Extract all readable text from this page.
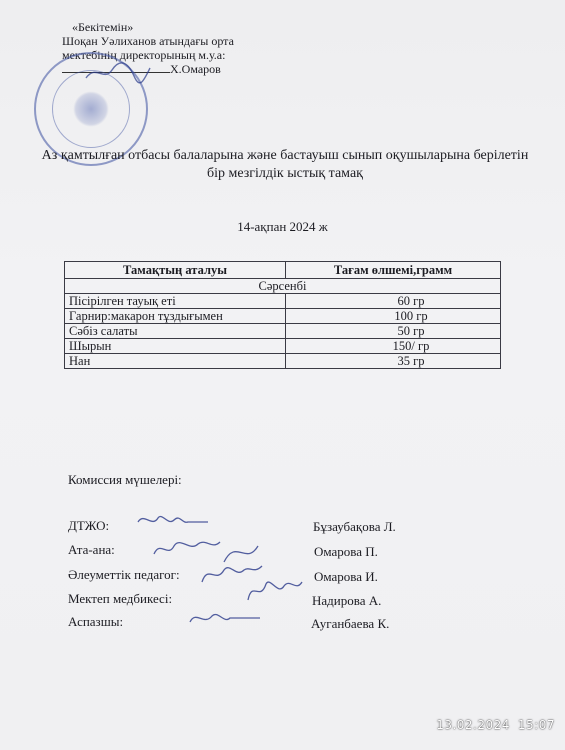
«Бекітемін»
Шоқан Уәлиханов атындағы орта
мектебінің директорының м.у.а:
Х.Омаров
Аз қамтылған отбасы балаларына және бастауыш сынып оқушыларына берілетін бір мезгілдік ыстық тамақ
14-ақпан 2024 ж
Тамақтың аталуы	Тағам өлшемі,грамм
Сәрсенбі	
Пісірілген тауық еті	60 гр
Гарнир:макарон тұздығымен	100 гр
Сәбіз салаты	50 гр
Шырын	150/ гр
Нан	35 гр
Комиссия мүшелері:
ДТЖО:	Бұзаубақова Л.
Ата-ана:	Омарова П.
Әлеуметтік педагог:	Омарова И.
Мектеп медбикесі:	Надирова А.
Аспазшы:	Ауганбаева К.
13.02.2024 15:07
